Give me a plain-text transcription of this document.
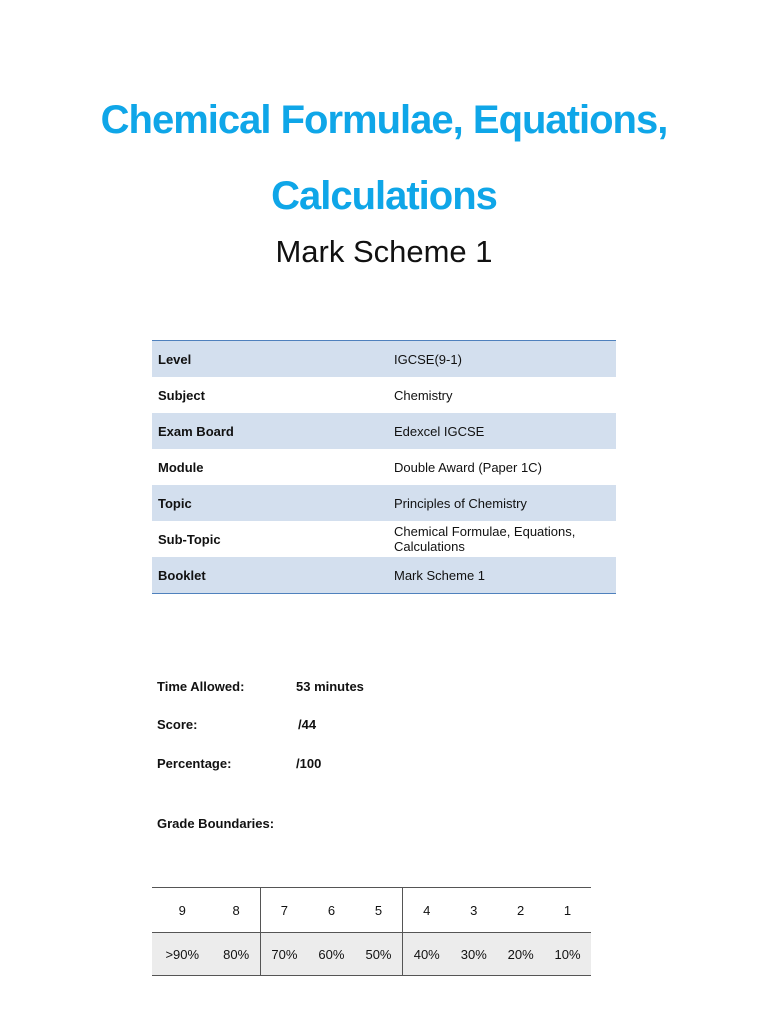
Chemical Formulae, Equations,
Calculations
Mark Scheme 1
Level	IGCSE(9-1)
Subject	Chemistry
Exam Board	Edexcel IGCSE
Module	Double Award (Paper 1C)
Topic	Principles of Chemistry
Sub-Topic	Chemical Formulae, Equations, Calculations
Booklet	Mark Scheme 1
Time Allowed:	53 minutes
Score:	/44
Percentage:	/100
Grade Boundaries:
9	8	7	6	5	4	3	2	1
>90%	80%	70%	60%	50%	40%	30%	20%	10%
